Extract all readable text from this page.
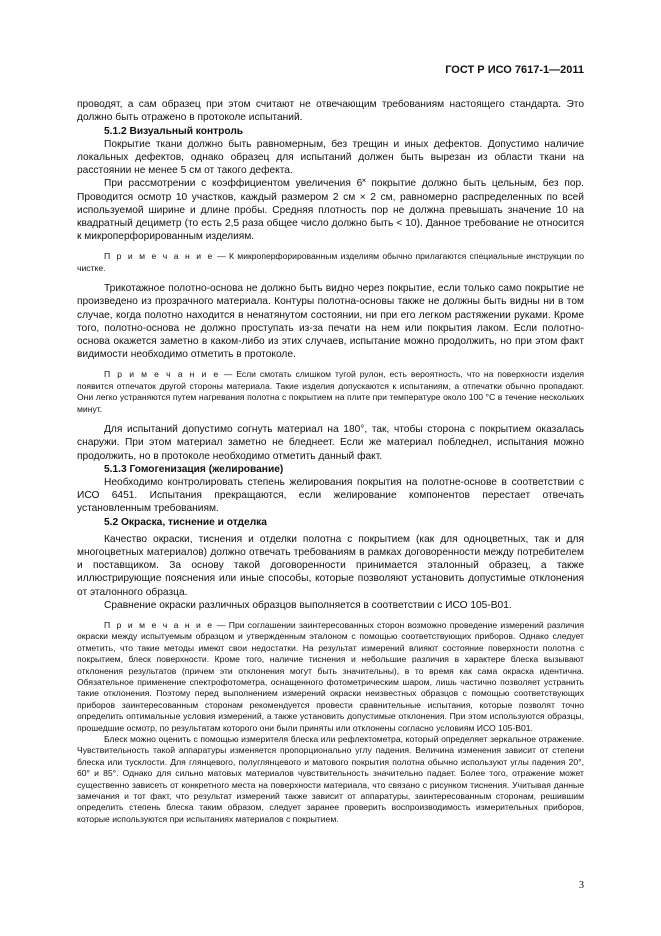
ГОСТ Р ИСО 7617-1—2011

проводят, а сам образец при этом считают не отвечающим требованиям настоящего стандарта. Это должно быть отражено в протоколе испытаний.

5.1.2 Визуальный контроль

Покрытие ткани должно быть равномерным, без трещин и иных дефектов. Допустимо наличие локальных дефектов, однако образец для испытаний должен быть вырезан из области ткани на расстоянии не менее 5 см от такого дефекта.

При рассмотрении с коэффициентом увеличения 6˟ покрытие должно быть цельным, без пор. Проводится осмотр 10 участков, каждый размером 2 см × 2 см, равномерно распределенных по всей используемой ширине и длине пробы. Средняя плотность пор не должна превышать значение 10 на квадратный дециметр (то есть 2,5 раза общее число должно быть < 10). Данное требование не относится к микроперфорированным изделиям.

П р и м е ч а н и е — К микроперфорированным изделиям обычно прилагаются специальные инструкции по чистке.

Трикотажное полотно-основа не должно быть видно через покрытие, если только само покрытие не произведено из прозрачного материала. Контуры полотна-основы также не должны быть видны ни в том случае, когда полотно находится в ненатянутом состоянии, ни при его легком растяжении руками. Кроме того, полотно-основа не должно проступать из-за печати на нем или покрытия лаком. Если полотно-основа окажется заметно в каком-либо из этих случаев, испытание можно продолжить, но при этом факт видимости необходимо отметить в протоколе.

П р и м е ч а н и е — Если смотать слишком тугой рулон, есть вероятность, что на поверхности изделия появится отпечаток другой стороны материала. Такие изделия допускаются к испытаниям, а отпечатки обычно пропадают. Они легко устраняются путем нагревания полотна с покрытием на плите при температуре около 100 °С в течение нескольких минут.

Для испытаний допустимо согнуть материал на 180°, так, чтобы сторона с покрытием оказалась снаружи. При этом материал заметно не бледнеет. Если же материал побледнел, испытания можно продолжить, но в протоколе необходимо отметить данный факт.

5.1.3 Гомогенизация (желирование)

Необходимо контролировать степень желирования покрытия на полотне-основе в соответствии с ИСО 6451. Испытания прекращаются, если желирование компонентов перестает отвечать установленным требованиям.

5.2 Окраска, тиснение и отделка

Качество окраски, тиснения и отделки полотна с покрытием (как для одноцветных, так и для многоцветных материалов) должно отвечать требованиям в рамках договоренности между потребителем и поставщиком. За основу такой договоренности принимается эталонный образец, а также иллюстрирующие пояснения или иные способы, которые позволяют установить допустимые отклонения от эталонного образца.

Сравнение окраски различных образцов выполняется в соответствии с ИСО 105-В01.

П р и м е ч а н и е — При соглашении заинтересованных сторон возможно проведение измерений различия окраски между испытуемым образцом и утвержденным эталоном с помощью соответствующих приборов. Однако следует отметить, что такие методы имеют свои недостатки. На результат измерений влияют состояние поверхности полотна с покрытием, блеск поверхности. Кроме того, наличие тиснения и небольшие различия в характере блеска вызывают отклонения результатов (причем эти отклонения могут быть значительны), в то время как сама окраска идентична. Обязательное применение спектрофотометра, оснащенного фотометрическим шаром, лишь частично позволяет устранить такие отклонения. Поэтому перед выполнением измерений окраски неизвестных образцов с помощью соответствующих приборов заинтересованным сторонам рекомендуется провести сравнительные испытания, которые позволят точно определить оптимальные условия измерений, а также установить допустимые отклонения. При этом используются образцы, прошедшие осмотр, по результатам которого они были приняты или отклонены согласно условиям ИСО 105-В01.

Блеск можно оценить с помощью измерителя блеска или рефлектометра, который определяет зеркальное отражение. Чувствительность такой аппаратуры изменяется пропорционально углу падения. Величина изменения зависит от степени блеска или тусклости. Для глянцевого, полуглянцевого и матового покрытия полотна обычно используют углы падения 20°, 60° и 85°. Однако для сильно матовых материалов чувствительность значительно падает. Более того, отражение может существенно зависеть от конкретного места на поверхности материала, что связано с рисунком тиснения. Учитывая данные замечания и тот факт, что результат измерений также зависит от аппаратуры, заинтересованным сторонам, решившим определить степень блеска таким образом, следует заранее проверить воспроизводимость измерительных приборов, которые используются при испытаниях материалов с покрытием.

3
